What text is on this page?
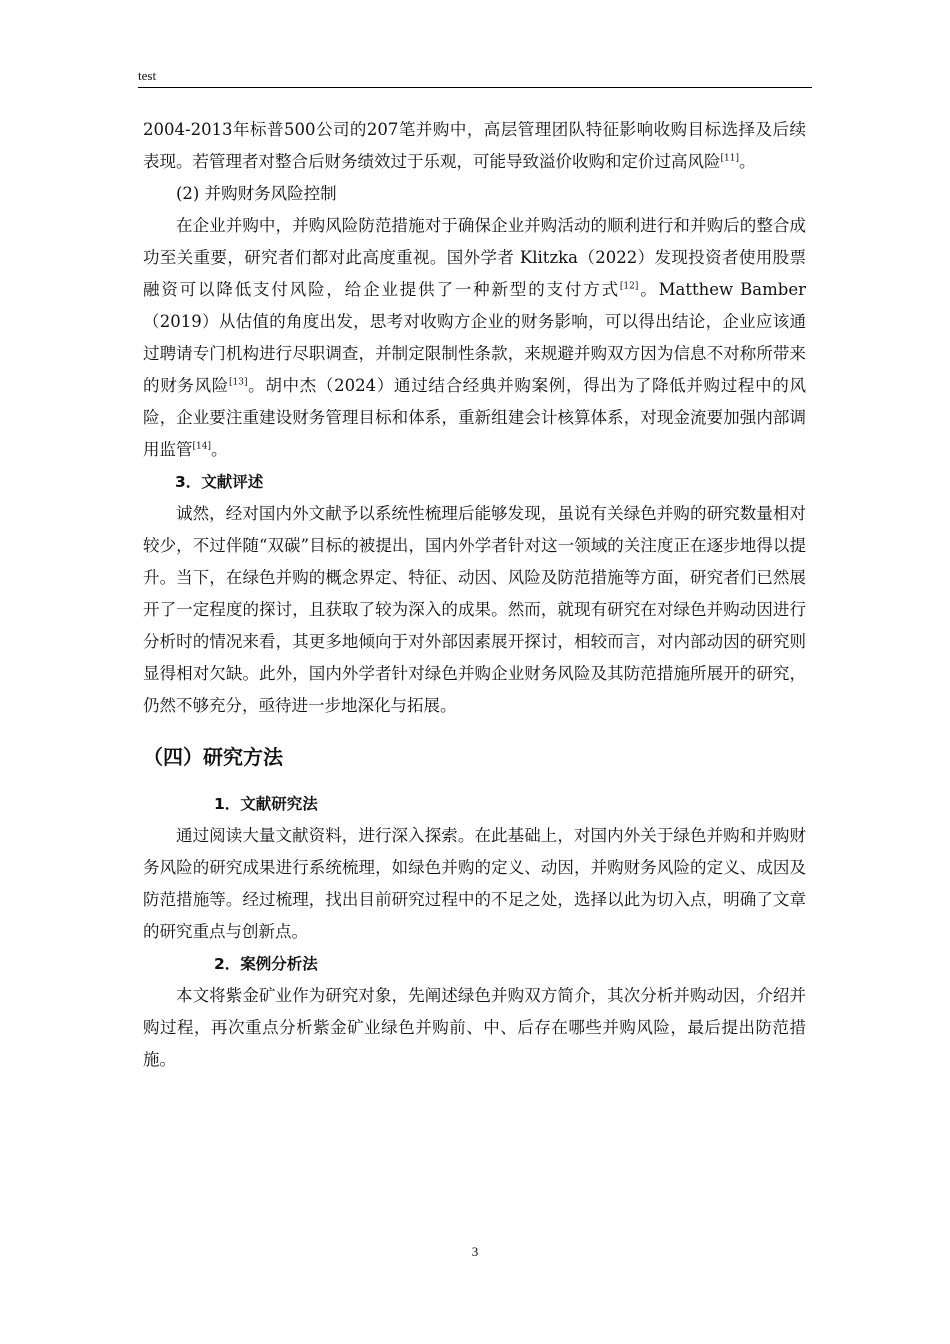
test

2004-2013年标普500公司的207笔并购中，高层管理团队特征影响收购目标选择及后续表现。若管理者对整合后财务绩效过于乐观，可能导致溢价收购和定价过高风险[11]。

(2) 并购财务风险控制

在企业并购中，并购风险防范措施对于确保企业并购活动的顺利进行和并购后的整合成功至关重要，研究者们都对此高度重视。国外学者 Klitzka（2022）发现投资者使用股票融资可以降低支付风险，给企业提供了一种新型的支付方式[12]。Matthew Bamber（2019）从估值的角度出发，思考对收购方企业的财务影响，可以得出结论，企业应该通过聘请专门机构进行尽职调查，并制定限制性条款，来规避并购双方因为信息不对称所带来的财务风险[13]。胡中杰（2024）通过结合经典并购案例，得出为了降低并购过程中的风险，企业要注重建设财务管理目标和体系，重新组建会计核算体系，对现金流要加强内部调用监管[14]。

3．文献评述

诚然，经对国内外文献予以系统性梳理后能够发现，虽说有关绿色并购的研究数量相对较少，不过伴随“双碳”目标的被提出，国内外学者针对这一领域的关注度正在逐步地得以提升。当下，在绿色并购的概念界定、特征、动因、风险及防范措施等方面，研究者们已然展开了一定程度的探讨，且获取了较为深入的成果。然而，就现有研究在对绿色并购动因进行分析时的情况来看，其更多地倾向于对外部因素展开探讨，相较而言，对内部动因的研究则显得相对欠缺。此外，国内外学者针对绿色并购企业财务风险及其防范措施所展开的研究，仍然不够充分，亟待进一步地深化与拓展。

（四）研究方法
1．文献研究法

通过阅读大量文献资料，进行深入探索。在此基础上，对国内外关于绿色并购和并购财务风险的研究成果进行系统梳理，如绿色并购的定义、动因，并购财务风险的定义、成因及防范措施等。经过梳理，找出目前研究过程中的不足之处，选择以此为切入点，明确了文章的研究重点与创新点。

2．案例分析法

本文将紫金矿业作为研究对象，先阐述绿色并购双方简介，其次分析并购动因，介绍并购过程，再次重点分析紫金矿业绿色并购前、中、后存在哪些并购风险，最后提出防范措施。

3
